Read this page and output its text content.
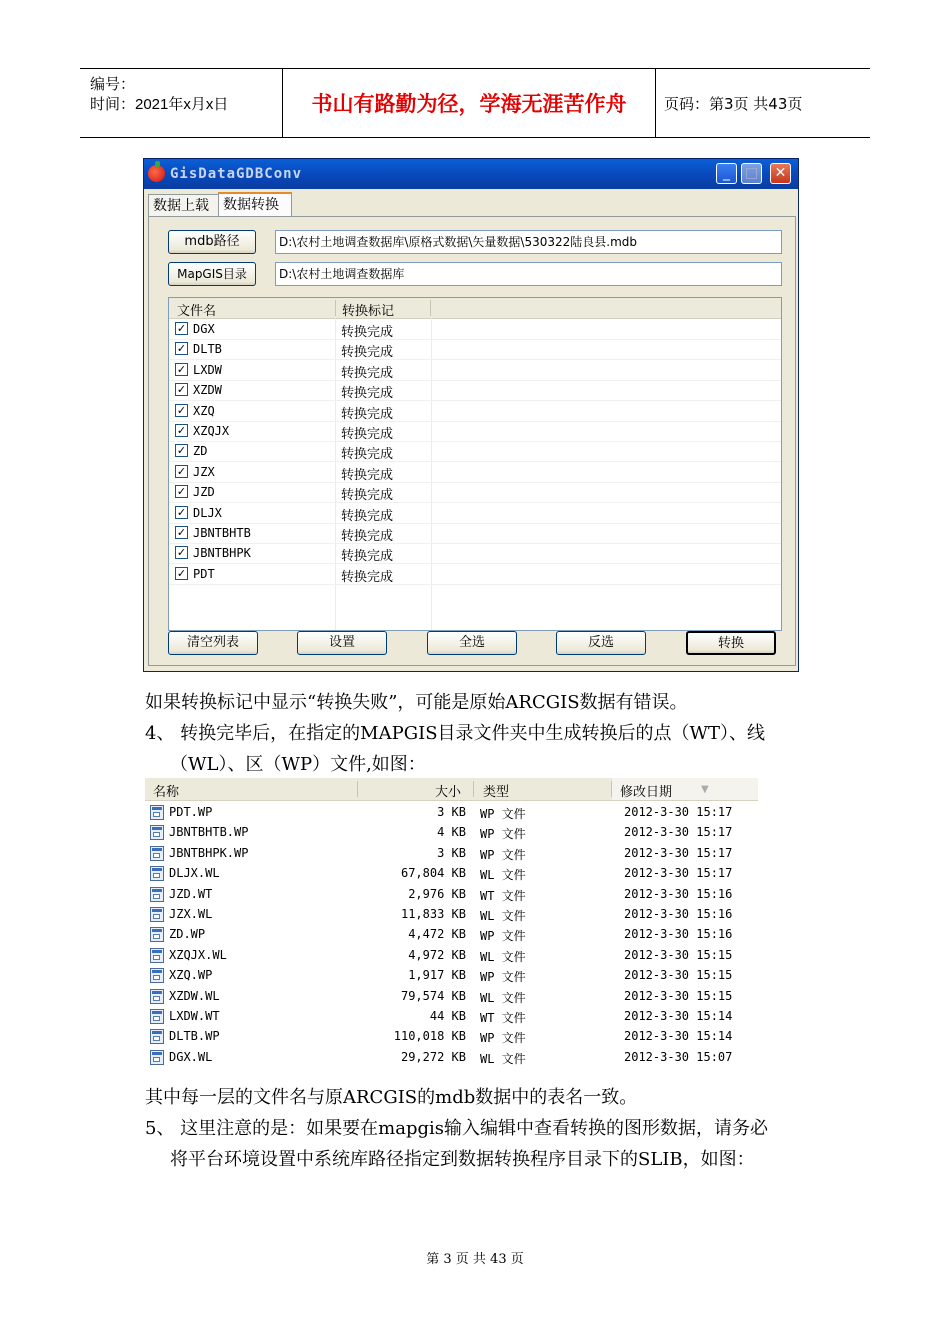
编号：
时间：2021年x月x日	书山有路勤为径，学海无涯苦作舟	页码：第3页 共43页
GisDataGDBConv	_	□	✕
数据上载	数据转换
mdb路径	D:\农村土地调查数据库\原格式数据\矢量数据\530322陆良县.mdb
MapGIS目录	D:\农村土地调查数据库
文件名	转换标记
✓ DGX	转换完成
✓ DLTB	转换完成
✓ LXDW	转换完成
✓ XZDW	转换完成
✓ XZQ	转换完成
✓ XZQJX	转换完成
✓ ZD	转换完成
✓ JZX	转换完成
✓ JZD	转换完成
✓ DLJX	转换完成
✓ JBNTBHTB	转换完成
✓ JBNTBHPK	转换完成
✓ PDT	转换完成
清空列表	设置	全选	反选	转换
如果转换标记中显示“转换失败”，可能是原始ARCGIS数据有错误。
4、 转换完毕后，在指定的MAPGIS目录文件夹中生成转换后的点（WT）、线
（WL）、区（WP）文件,如图：
名称	大小 类型	修改日期	▼
PDT.WP	3 KB WP 文件	2012-3-30 15:17
JBNTBHTB.WP	4 KB WP 文件	2012-3-30 15:17
JBNTBHPK.WP	3 KB WP 文件	2012-3-30 15:17
DLJX.WL	67,804 KB WL 文件	2012-3-30 15:17
JZD.WT	2,976 KB WT 文件	2012-3-30 15:16
JZX.WL	11,833 KB WL 文件	2012-3-30 15:16
ZD.WP	4,472 KB WP 文件	2012-3-30 15:16
XZQJX.WL	4,972 KB WL 文件	2012-3-30 15:15
XZQ.WP	1,917 KB WP 文件	2012-3-30 15:15
XZDW.WL	79,574 KB WL 文件	2012-3-30 15:15
LXDW.WT	44 KB WT 文件	2012-3-30 15:14
DLTB.WP	110,018 KB WP 文件	2012-3-30 15:14
DGX.WL	29,272 KB WL 文件	2012-3-30 15:07
其中每一层的文件名与原ARCGIS的mdb数据中的表名一致。
5、 这里注意的是：如果要在mapgis输入编辑中查看转换的图形数据，请务必
将平台环境设置中系统库路径指定到数据转换程序目录下的SLIB，如图：
第 3 页 共 43 页
